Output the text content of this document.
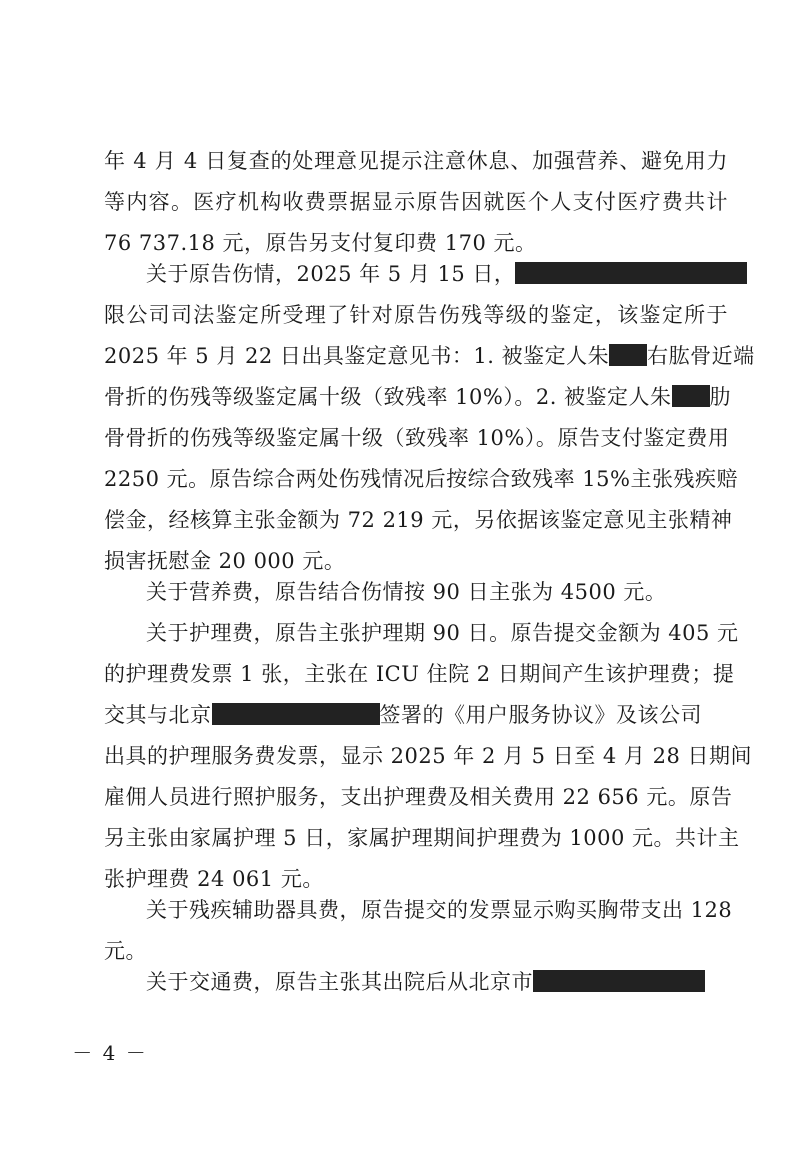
年 4 月 4 日复查的处理意见提示注意休息、加强营养、避免用力
等内容。医疗机构收费票据显示原告因就医个人支付医疗费共计
76 737.18 元，原告另支付复印费 170 元。
关于原告伤情，2025 年 5 月 15 日，
限公司司法鉴定所受理了针对原告伤残等级的鉴定，该鉴定所于
2025 年 5 月 22 日出具鉴定意见书：1. 被鉴定人朱 右肱骨近端
骨折的伤残等级鉴定属十级（致残率 10%）。2. 被鉴定人朱 肋
骨骨折的伤残等级鉴定属十级（致残率 10%）。原告支付鉴定费用
2250 元。原告综合两处伤残情况后按综合致残率 15%主张残疾赔
偿金，经核算主张金额为 72 219 元，另依据该鉴定意见主张精神
损害抚慰金 20 000 元。
关于营养费，原告结合伤情按 90 日主张为 4500 元。
关于护理费，原告主张护理期 90 日。原告提交金额为 405 元
的护理费发票 1 张，主张在 ICU 住院 2 日期间产生该护理费；提
交其与北京	签署的《用户服务协议》及该公司
出具的护理服务费发票，显示 2025 年 2 月 5 日至 4 月 28 日期间
雇佣人员进行照护服务，支出护理费及相关费用 22 656 元。原告
另主张由家属护理 5 日，家属护理期间护理费为 1000 元。共计主
张护理费 24 061 元。
关于残疾辅助器具费，原告提交的发票显示购买胸带支出 128
元。
关于交通费，原告主张其出院后从北京市
－ 4 －
